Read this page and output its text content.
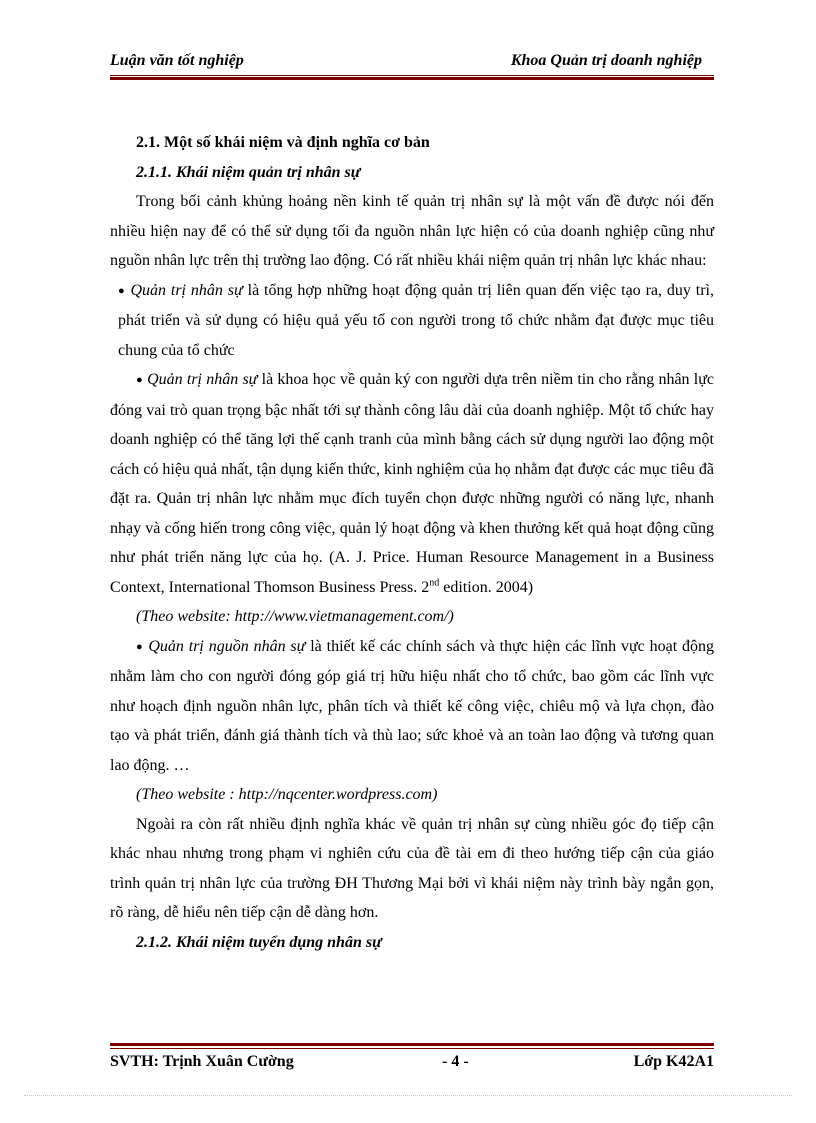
Luận văn tốt nghiệp	Khoa Quản trị doanh nghiệp

2.1. Một số khái niệm và định nghĩa cơ bản

2.1.1. Khái niệm quản trị nhân sự

Trong bối cảnh khủng hoảng nền kinh tế quản trị nhân sự là một vấn đề được nói đến nhiều hiện nay để có thể sử dụng tối đa nguồn nhân lực hiện có của doanh nghiệp cũng như nguồn nhân lực trên thị trường lao động. Có rất nhiều khái niệm quản trị nhân lực khác nhau:

● Quản trị nhân sự là tổng hợp những hoạt động quản trị liên quan đến việc tạo ra, duy trì, phát triển và sử dụng có hiệu quả yếu tố con người trong tổ chức nhằm đạt được mục tiêu chung của tổ chức

● Quản trị nhân sự là khoa học về quản ký con người dựa trên niềm tin cho rằng nhân lực đóng vai trò quan trọng bậc nhất tới sự thành công lâu dài của doanh nghiệp. Một tổ chức hay doanh nghiệp có thể tăng lợi thế cạnh tranh của mình bằng cách sử dụng người lao động một cách có hiệu quả nhất, tận dụng kiến thức, kinh nghiệm của họ nhằm đạt được các mục tiêu đã đặt ra. Quản trị nhân lực nhằm mục đích tuyển chọn được những người có năng lực, nhanh nhạy và cống hiến trong công việc, quản lý hoạt động và khen thưởng kết quả hoạt động cũng như phát triển năng lực của họ. (A. J. Price. Human Resource Management in a Business Context, International Thomson Business Press. 2nd edition. 2004)

(Theo website: http://www.vietmanagement.com/)

● Quản trị nguồn nhân sự là thiết kế các chính sách và thực hiện các lĩnh vực hoạt động nhằm làm cho con người đóng góp giá trị hữu hiệu nhất cho tổ chức, bao gồm các lĩnh vực như hoạch định nguồn nhân lực, phân tích và thiết kế công việc, chiêu mộ và lựa chọn, đào tạo và phát triển, đánh giá thành tích và thù lao; sức khoẻ và an toàn lao động và tương quan lao động. …

(Theo website : http://nqcenter.wordpress.com)

Ngoài ra còn rất nhiều định nghĩa khác về quản trị nhân sự cùng nhiều góc đọ tiếp cận khác nhau nhưng trong phạm vi nghiên cứu của đề tài em đi theo hướng tiếp cận của giáo trình quản trị nhân lực của trường ĐH Thương Mại bởi vì khái niệm này trình bày ngắn gọn, rõ ràng, dễ hiểu nên tiếp cận dễ dàng hơn.

2.1.2. Khái niệm tuyển dụng nhân sự

SVTH: Trịnh Xuân Cường	- 4 -	Lớp K42A1
